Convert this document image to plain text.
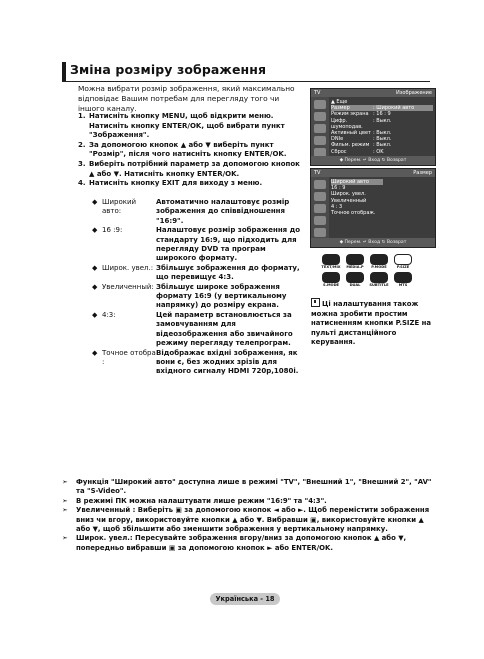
Зміна розміру зображення
Можна вибрати розмір зображення, який максимально відповідає Вашим потребам для перегляду того чи іншого каналу.
1. Натисніть кнопку MENU, щоб відкрити меню. Натисніть кнопку ENTER/OK, щоб вибрати пункт "Зображення".
2. За допомогою кнопок ▲ або ▼ виберіть пункт "Розмір", після чого натисніть кнопку ENTER/OK.
3. Виберіть потрібний параметр за допомогою кнопок ▲ або ▼. Натисніть кнопку ENTER/OK.
4. Натисніть кнопку EXIT для виходу з меню.
◆ Широкий авто:
Автоматично налаштовує розмір зображення до співвідношення "16:9".
◆ 16 :9:	Налаштовує розмір зображення до стандарту 16:9, що підходить для перегляду DVD та програм широкого формату.
◆ Широк. увел.: Збільшує зображення до формату, що перевищує 4:3.
◆ Увеличенный: Збільшує широке зображення формату 16:9 (у вертикальному напрямку) до розміру екрана.
◆ 4:3:	Цей параметр встановлюється за замовчуванням для відеозображення або звичайного режиму перегляду телепрограм.
◆ Точное отобра :
Відображає вхідні зображення, як вони є, без жодних зрізів для вхідного сигналу HDMI 720p,1080i.
TV	Изображение
▲ Еще
Размер	: Широкий авто
Режим экрана : 16 : 9
Цифр. шумоподав.
: Выкл.
Активный цвет : Выкл.
DNIe	: Выкл.
Фильм. режим : Выкл.
Сброс	: OK
◆ Перем. ↵ Вход ↻ Возврат
TV	Размер
Широкий авто
16 : 9
Широк. увел.
Увеличенный
4 : 3
Точное отображ.
◆ Перем. ↵ Вход ↻ Возврат
TEXT/MIX	MEDIA.P	P.MODE	P.SIZE
S.MODE	DUAL	SUBTITLE	MTS
Ці налаштування також можна зробити простим натисненням кнопки P.SIZE на пульті дистанційного керування.
➣	Функція "Широкий авто" доступна лише в режимі "TV", "Внешний 1", "Внешний 2", "AV" та "S-Video".
➣	В режимі ПК можна налаштувати лише режим "16:9" та "4:3".
➣	Увеличенный : Виберіть ▣ за допомогою кнопок ◄ або ►. Щоб перемістити зображення вниз чи вгору, використовуйте кнопки ▲ або ▼. Вибравши ▣, використовуйте кнопки ▲ або ▼, щоб збільшити або зменшити зображення у вертикальному напрямку.
➣	Широк. увел.: Пересувайте зображення вгору/вниз за допомогою кнопок ▲ або ▼, попередньо вибравши ▣ за допомогою кнопок ► або ENTER/OK.
Українська - 18
